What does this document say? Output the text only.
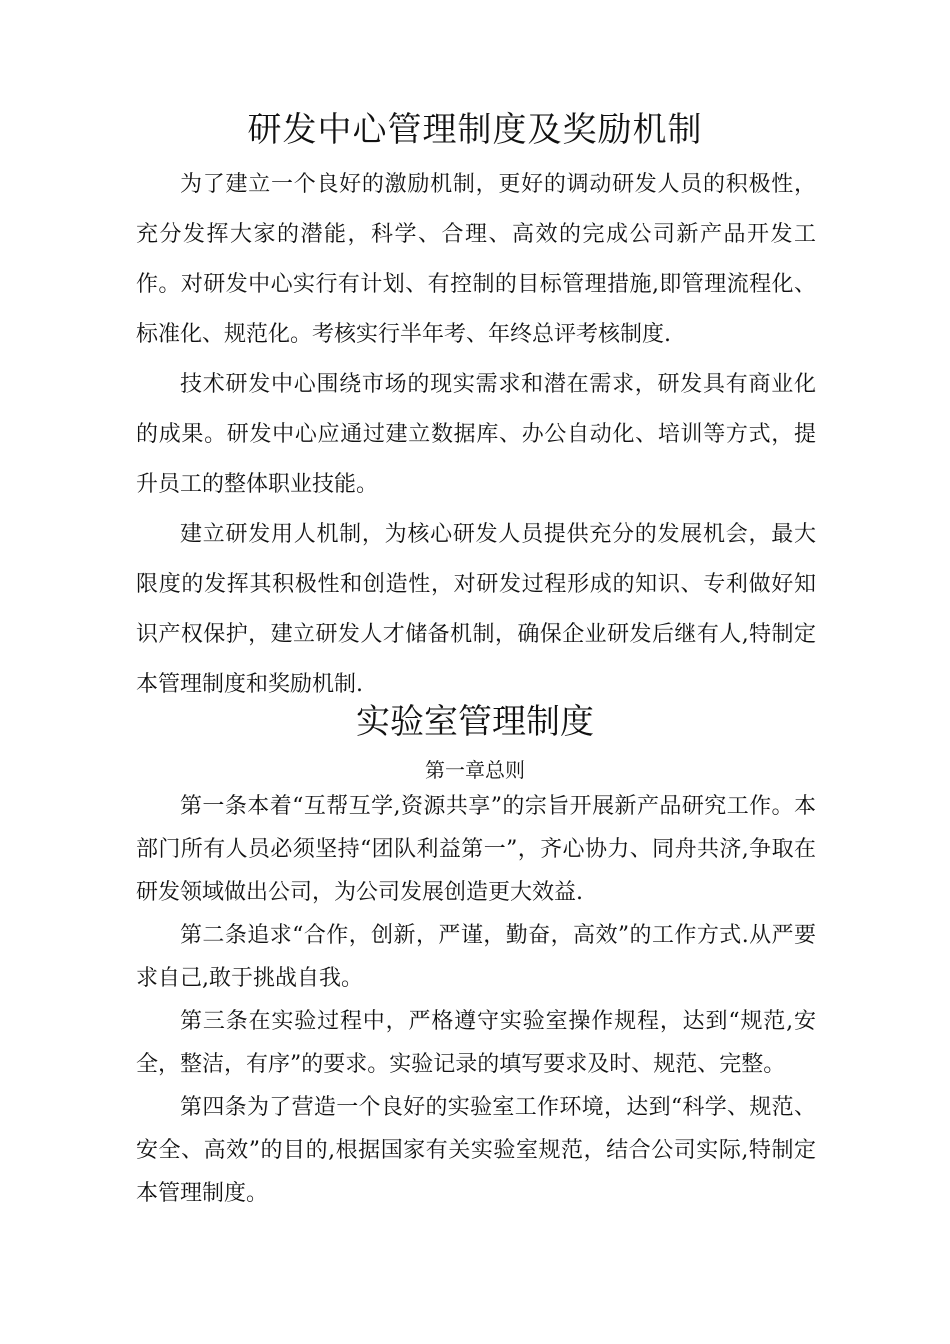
研发中心管理制度及奖励机制

为了建立一个良好的激励机制，更好的调动研发人员的积极性，充分发挥大家的潜能，科学、合理、高效的完成公司新产品开发工作。对研发中心实行有计划、有控制的目标管理措施,即管理流程化、标准化、规范化。考核实行半年考、年终总评考核制度.

技术研发中心围绕市场的现实需求和潜在需求，研发具有商业化的成果。研发中心应通过建立数据库、办公自动化、培训等方式，提升员工的整体职业技能。

建立研发用人机制，为核心研发人员提供充分的发展机会，最大限度的发挥其积极性和创造性，对研发过程形成的知识、专利做好知识产权保护，建立研发人才储备机制，确保企业研发后继有人,特制定本管理制度和奖励机制.

实验室管理制度
第一章总则

第一条本着“互帮互学,资源共享”的宗旨开展新产品研究工作。本部门所有人员必须坚持“团队利益第一”，齐心协力、同舟共济,争取在研发领域做出公司，为公司发展创造更大效益.

第二条追求“合作，创新，严谨，勤奋，高效”的工作方式.从严要求自己,敢于挑战自我。

第三条在实验过程中，严格遵守实验室操作规程，达到“规范,安全，整洁，有序”的要求。实验记录的填写要求及时、规范、完整。

第四条为了营造一个良好的实验室工作环境，达到“科学、规范、安全、高效”的目的,根据国家有关实验室规范，结合公司实际,特制定本管理制度。
